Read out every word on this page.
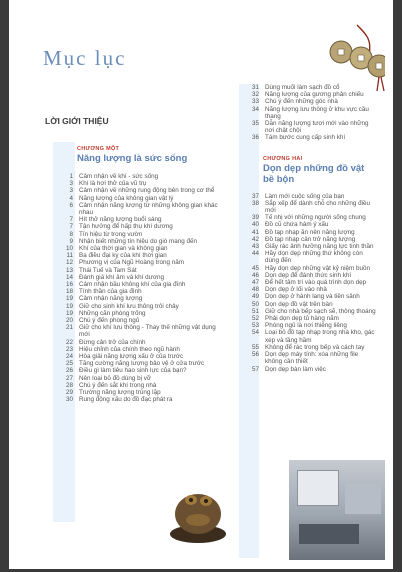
Mục lục
LỜI GIỚI THIỆU
CHƯƠNG MỘT
Năng lượng là sức sống
1 Cảm nhận về khí - sức sống
3 Khí là hơi thở của vũ trụ
3 Cảm nhận về những rung động bên trong cơ thể
4 Năng lượng của không gian vật lý
6 Cảm nhận năng lượng từ những không gian khác nhau
7 Hít thở năng lượng buổi sáng
7 Tận hưởng để hấp thụ khí dương
8 Tín hiệu từ trong vườn
9 Nhận biết những tín hiệu do gió mang đến
10 Khí của thời gian và không gian
11 Ba điều đại kỵ của khí thời gian
12 Phương vị của Ngũ Hoàng trong năm
13 Thái Tuế và Tam Sát
14 Đánh giá khí âm và khí dương
16 Cảm nhận bầu không khí của gia đình
18 Tính thần của gia đình
19 Cảm nhận năng lượng
19 Giữ cho sinh khí lưu thông trôi chảy
19 Những căn phòng trống
20 Chú ý đến phòng ngủ
21 Giữ cho khí lưu thông - Thay thế những vật dụng mới
22 Đừng cản trở của chính
23 Hiệu chỉnh của chính theo ngũ hành
24 Hòa giải năng lượng xấu ở của trước
25 Tăng cường năng lượng bảo vệ ở cửa trước
26 Điều gì làm tiêu hao sinh lực của bạn?
27 Nên loại bỏ đồ dùng bị vỡ
28 Chú ý đến sắt khí trong nhà
29 Trường năng lượng trùng lặp
30 Rung động xấu do đồ đạc phát ra
31 Dùng muối làm sạch đồ cổ
32 Năng lượng của gương phản chiếu
33 Chú ý đến những góc nhà
34 Năng lượng lưu thông ở khu vực cầu thang
35 Dẫn năng lượng tươi mới vào những nơi chật chội
36 Tám bước cung cấp sinh khí
CHƯƠNG HAI
Dọn dẹp những đồ vật bề bộn
37 Làm mới cuộc sống của bạn
38 Sắp xếp để dành chỗ cho những điều mới
39 Tế nhị với những người sống chung
40 Đồ cũ chứa hàm ý xấu
41 Đồ tạp nhạp ăn nên năng lượng
42 Đồ tạp nhạp cản trở năng lượng
43 Giấy rác ảnh hưởng năng lực tinh thần
44 Hãy dọn dẹp những thứ không còn dùng đến
45 Hãy dọn dẹp những vật kỷ niệm buồn
46 Dọn dẹp để đánh thức sinh khí
47 Để hết tâm trí vào quá trình dọn dẹp
48 Dọn dẹp ở lối vào nhà
49 Dọn dẹp ở hành lang và tiền sảnh
50 Dọn dẹp đồ vật trên bàn
51 Giữ cho nhà bếp sạch sẽ, thông thoáng
52 Phải dọn dẹp tủ hàng năm
53 Phòng ngủ là nơi thiêng liêng
54 Loại bỏ đồ tạp nhạp trong nhà kho, gác xép và tầng hầm
55 Không để rác trong bếp và cách tay
56 Dọn dẹp máy tính: xóa những file không cần thiết
57 Dọn dẹp bàn làm việc
